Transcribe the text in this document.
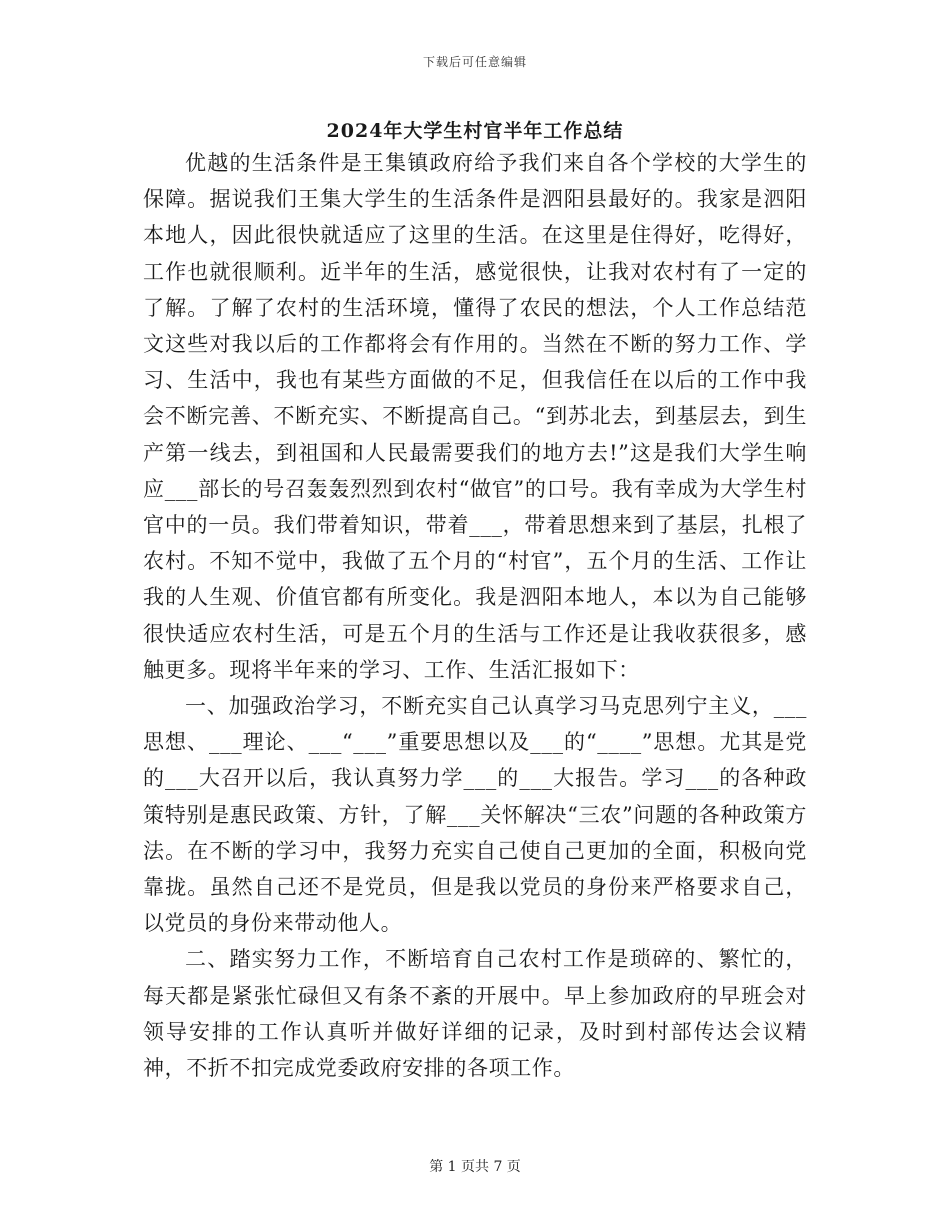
下载后可任意编辑
2024年大学生村官半年工作总结

优越的生活条件是王集镇政府给予我们来自各个学校的大学生的保障。据说我们王集大学生的生活条件是泗阳县最好的。我家是泗阳本地人，因此很快就适应了这里的生活。在这里是住得好，吃得好，工作也就很顺利。近半年的生活，感觉很快，让我对农村有了一定的了解。了解了农村的生活环境，懂得了农民的想法，个人工作总结范文这些对我以后的工作都将会有作用的。当然在不断的努力工作、学习、生活中，我也有某些方面做的不足，但我信任在以后的工作中我会不断完善、不断充实、不断提高自己。“到苏北去，到基层去，到生产第一线去，到祖国和人民最需要我们的地方去!”这是我们大学生响应___部长的号召轰轰烈烈到农村“做官”的口号。我有幸成为大学生村官中的一员。我们带着知识，带着___，带着思想来到了基层，扎根了农村。不知不觉中，我做了五个月的“村官”，五个月的生活、工作让我的人生观、价值官都有所变化。我是泗阳本地人，本以为自己能够很快适应农村生活，可是五个月的生活与工作还是让我收获很多，感触更多。现将半年来的学习、工作、生活汇报如下：

一、加强政治学习，不断充实自己认真学习马克思列宁主义，___思想、___理论、___“___”重要思想以及___的“____”思想。尤其是党的___大召开以后，我认真努力学___的___大报告。学习___的各种政策特别是惠民政策、方针，了解___关怀解决“三农”问题的各种政策方法。在不断的学习中，我努力充实自己使自己更加的全面，积极向党靠拢。虽然自己还不是党员，但是我以党员的身份来严格要求自己，以党员的身份来带动他人。

二、踏实努力工作，不断培育自己农村工作是琐碎的、繁忙的，每天都是紧张忙碌但又有条不紊的开展中。早上参加政府的早班会对领导安排的工作认真听并做好详细的记录，及时到村部传达会议精神，不折不扣完成党委政府安排的各项工作。

第 1 页共 7 页
